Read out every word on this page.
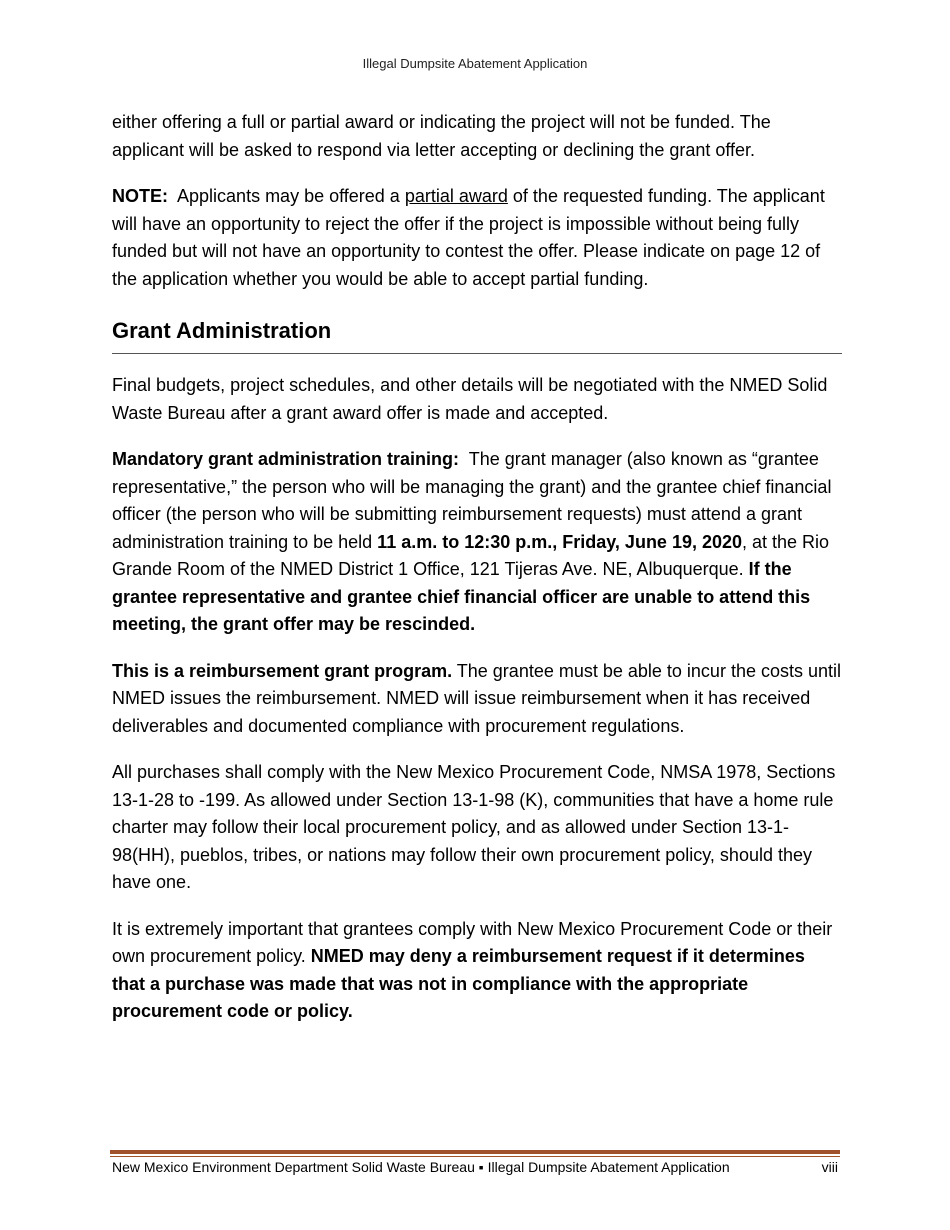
Illegal Dumpsite Abatement Application

either offering a full or partial award or indicating the project will not be funded. The applicant will be asked to respond via letter accepting or declining the grant offer.

NOTE: Applicants may be offered a partial award of the requested funding. The applicant will have an opportunity to reject the offer if the project is impossible without being fully funded but will not have an opportunity to contest the offer. Please indicate on page 12 of the application whether you would be able to accept partial funding.

Grant Administration

Final budgets, project schedules, and other details will be negotiated with the NMED Solid Waste Bureau after a grant award offer is made and accepted.

Mandatory grant administration training: The grant manager (also known as “grantee representative,” the person who will be managing the grant) and the grantee chief financial officer (the person who will be submitting reimbursement requests) must attend a grant administration training to be held 11 a.m. to 12:30 p.m., Friday, June 19, 2020, at the Rio Grande Room of the NMED District 1 Office, 121 Tijeras Ave. NE, Albuquerque. If the grantee representative and grantee chief financial officer are unable to attend this meeting, the grant offer may be rescinded.

This is a reimbursement grant program. The grantee must be able to incur the costs until NMED issues the reimbursement. NMED will issue reimbursement when it has received deliverables and documented compliance with procurement regulations.

All purchases shall comply with the New Mexico Procurement Code, NMSA 1978, Sections 13-1-28 to -199. As allowed under Section 13-1-98 (K), communities that have a home rule charter may follow their local procurement policy, and as allowed under Section 13-1-98(HH), pueblos, tribes, or nations may follow their own procurement policy, should they have one.

It is extremely important that grantees comply with New Mexico Procurement Code or their own procurement policy. NMED may deny a reimbursement request if it determines that a purchase was made that was not in compliance with the appropriate procurement code or policy.

New Mexico Environment Department Solid Waste Bureau ▪ Illegal Dumpsite Abatement Application	viii
